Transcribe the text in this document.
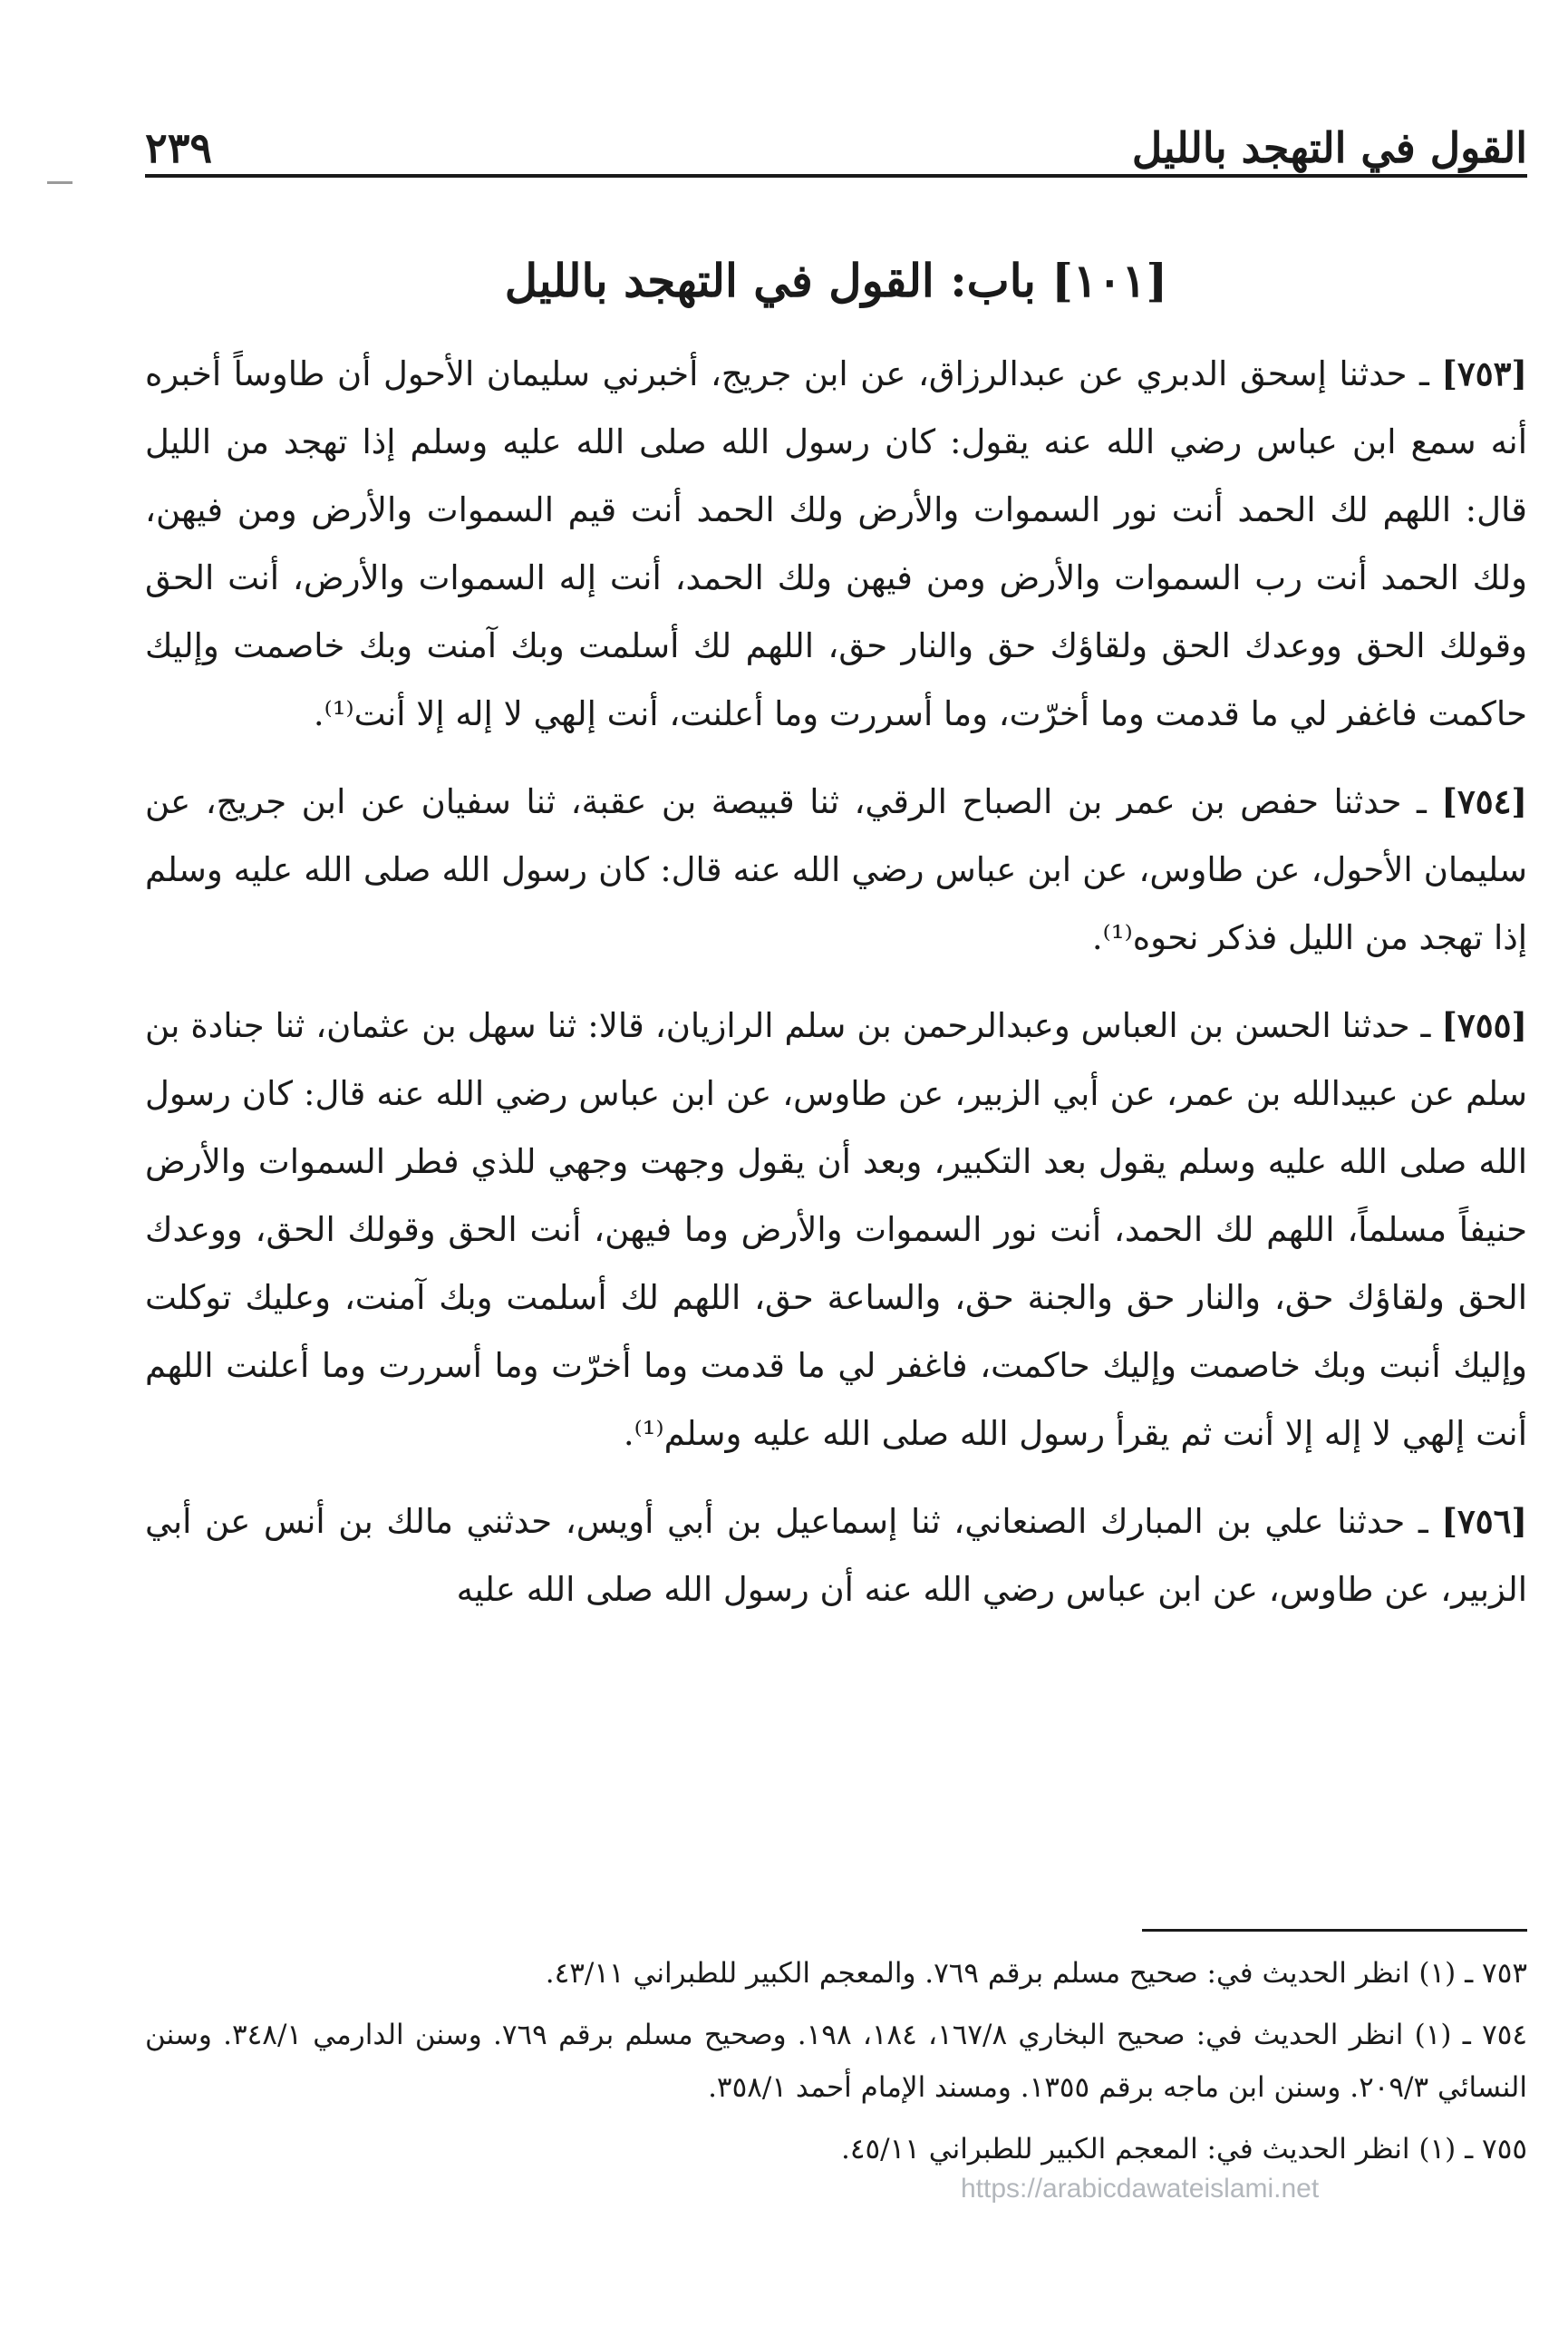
القول في التهجد بالليل
٢٣٩
[١٠١] باب: القول في التهجد بالليل

[٧٥٣] ـ حدثنا إسحق الدبري عن عبدالرزاق، عن ابن جريج، أخبرني سليمان الأحول أن طاوساً أخبره أنه سمع ابن عباس رضي الله عنه يقول: كان رسول الله صلى الله عليه وسلم إذا تهجد من الليل قال: اللهم لك الحمد أنت نور السموات والأرض ولك الحمد أنت قيم السموات والأرض ومن فيهن، ولك الحمد أنت رب السموات والأرض ومن فيهن ولك الحمد، أنت إله السموات والأرض، أنت الحق وقولك الحق ووعدك الحق ولقاؤك حق والنار حق، اللهم لك أسلمت وبك آمنت وبك خاصمت وإليك حاكمت فاغفر لي ما قدمت وما أخرّت، وما أسررت وما أعلنت، أنت إلهي لا إله إلا أنت⁽¹⁾.

[٧٥٤] ـ حدثنا حفص بن عمر بن الصباح الرقي، ثنا قبيصة بن عقبة، ثنا سفيان عن ابن جريج، عن سليمان الأحول، عن طاوس، عن ابن عباس رضي الله عنه قال: كان رسول الله صلى الله عليه وسلم إذا تهجد من الليل فذكر نحوه⁽¹⁾.

[٧٥٥] ـ حدثنا الحسن بن العباس وعبدالرحمن بن سلم الرازيان، قالا: ثنا سهل بن عثمان، ثنا جنادة بن سلم عن عبيدالله بن عمر، عن أبي الزبير، عن طاوس، عن ابن عباس رضي الله عنه قال: كان رسول الله صلى الله عليه وسلم يقول بعد التكبير، وبعد أن يقول وجهت وجهي للذي فطر السموات والأرض حنيفاً مسلماً، اللهم لك الحمد، أنت نور السموات والأرض وما فيهن، أنت الحق وقولك الحق، ووعدك الحق ولقاؤك حق، والنار حق والجنة حق، والساعة حق، اللهم لك أسلمت وبك آمنت، وعليك توكلت وإليك أنبت وبك خاصمت وإليك حاكمت، فاغفر لي ما قدمت وما أخرّت وما أسررت وما أعلنت اللهم أنت إلهي لا إله إلا أنت ثم يقرأ رسول الله صلى الله عليه وسلم⁽¹⁾.

[٧٥٦] ـ حدثنا علي بن المبارك الصنعاني، ثنا إسماعيل بن أبي أويس، حدثني مالك بن أنس عن أبي الزبير، عن طاوس، عن ابن عباس رضي الله عنه أن رسول الله صلى الله عليه

٧٥٣ ـ (١) انظر الحديث في: صحيح مسلم برقم ٧٦٩. والمعجم الكبير للطبراني ٤٣/١١.

٧٥٤ ـ (١) انظر الحديث في: صحيح البخاري ١٦٧/٨، ١٨٤، ١٩٨. وصحيح مسلم برقم ٧٦٩. وسنن الدارمي ٣٤٨/١. وسنن النسائي ٢٠٩/٣. وسنن ابن ماجه برقم ١٣٥٥. ومسند الإمام أحمد ٣٥٨/١.

٧٥٥ ـ (١) انظر الحديث في: المعجم الكبير للطبراني ٤٥/١١.

https://arabicdawateislami.net
